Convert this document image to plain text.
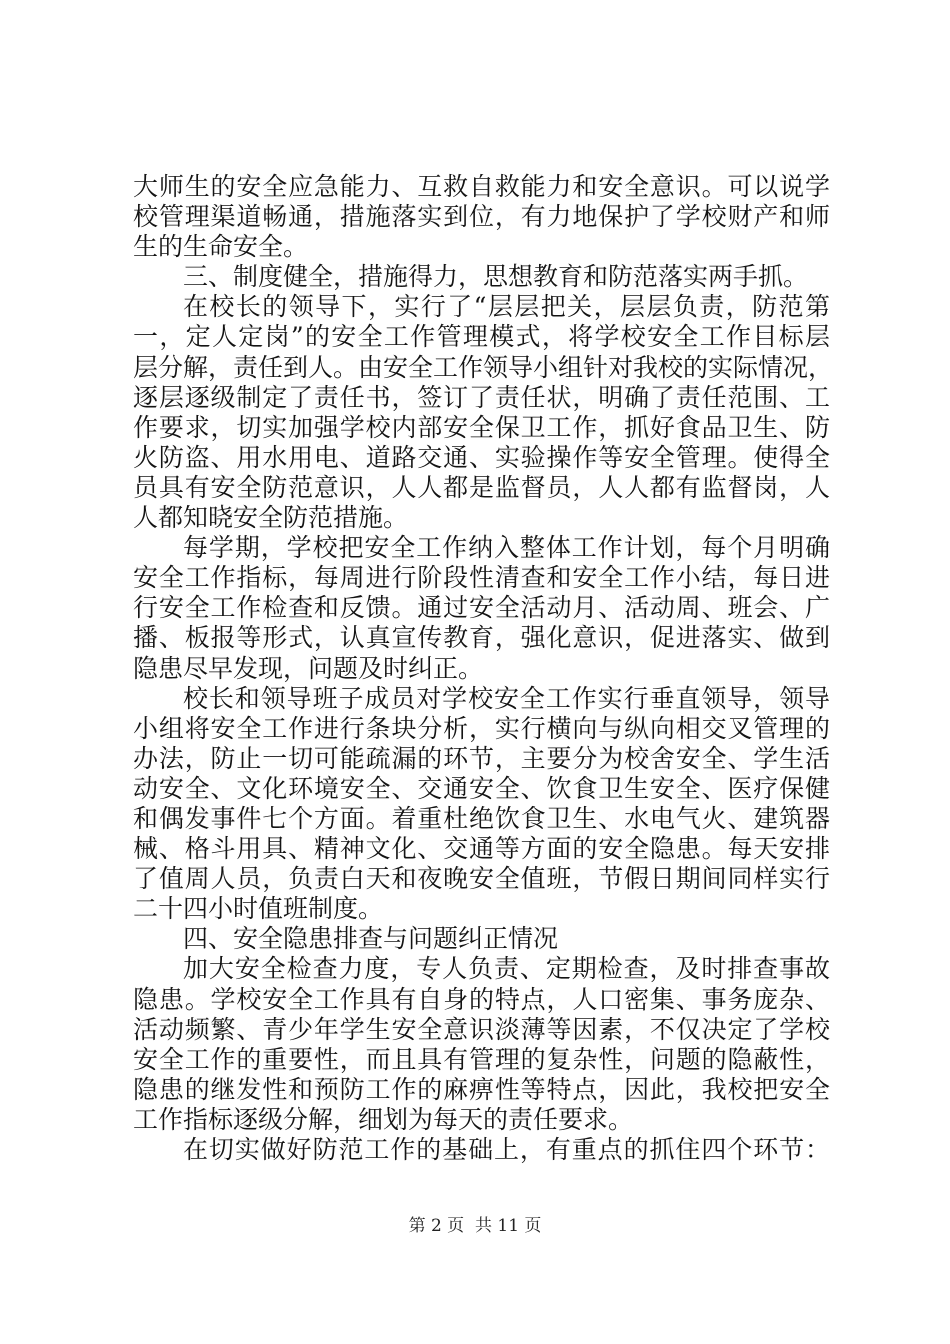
大师生的安全应急能力、互救自救能力和安全意识。可以说学
校管理渠道畅通，措施落实到位，有力地保护了学校财产和师
生的生命安全。
三、制度健全，措施得力，思想教育和防范落实两手抓。
在校长的领导下，实行了“层层把关，层层负责，防范第
一，定人定岗”的安全工作管理模式，将学校安全工作目标层
层分解，责任到人。由安全工作领导小组针对我校的实际情况，
逐层逐级制定了责任书，签订了责任状，明确了责任范围、工
作要求，切实加强学校内部安全保卫工作，抓好食品卫生、防
火防盗、用水用电、道路交通、实验操作等安全管理。使得全
员具有安全防范意识，人人都是监督员，人人都有监督岗，人
人都知晓安全防范措施。
每学期，学校把安全工作纳入整体工作计划，每个月明确
安全工作指标，每周进行阶段性清查和安全工作小结，每日进
行安全工作检查和反馈。通过安全活动月、活动周、班会、广
播、板报等形式，认真宣传教育，强化意识，促进落实、做到
隐患尽早发现，问题及时纠正。
校长和领导班子成员对学校安全工作实行垂直领导，领导
小组将安全工作进行条块分析，实行横向与纵向相交叉管理的
办法，防止一切可能疏漏的环节，主要分为校舍安全、学生活
动安全、文化环境安全、交通安全、饮食卫生安全、医疗保健
和偶发事件七个方面。着重杜绝饮食卫生、水电气火、建筑器
械、格斗用具、精神文化、交通等方面的安全隐患。每天安排
了值周人员，负责白天和夜晚安全值班，节假日期间同样实行
二十四小时值班制度。
四、安全隐患排查与问题纠正情况
加大安全检查力度，专人负责、定期检查，及时排查事故
隐患。学校安全工作具有自身的特点，人口密集、事务庞杂、
活动频繁、青少年学生安全意识淡薄等因素，不仅决定了学校
安全工作的重要性，而且具有管理的复杂性，问题的隐蔽性，
隐患的继发性和预防工作的麻痹性等特点，因此，我校把安全
工作指标逐级分解，细划为每天的责任要求。
在切实做好防范工作的基础上，有重点的抓住四个环节：
第 2 页  共 11 页
